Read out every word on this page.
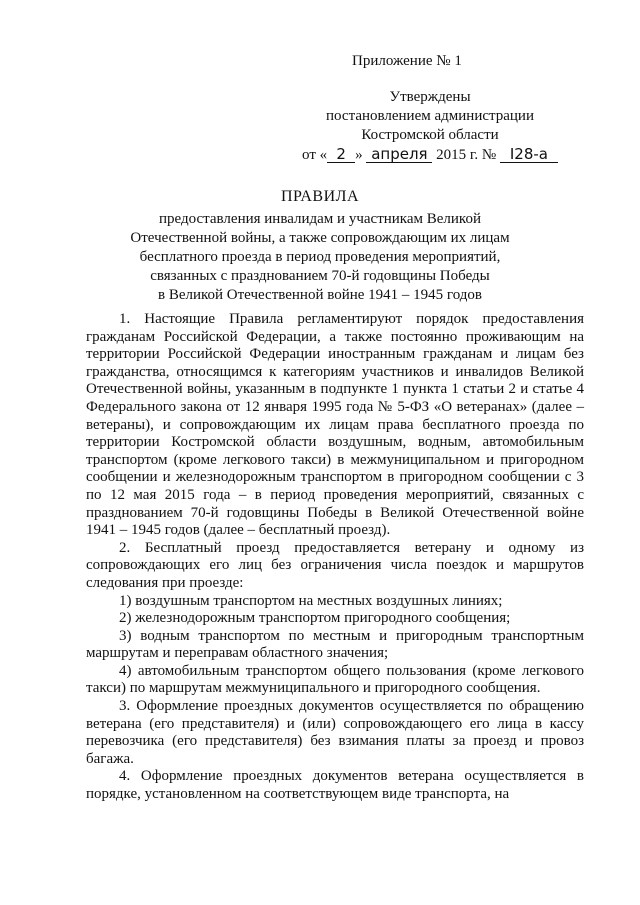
Приложение № 1
Утверждены
постановлением администрации
Костромской области
от « 2 » апреля 2015 г. № I28-а
ПРАВИЛА
предоставления инвалидам и участникам Великой
Отечественной войны, а также сопровождающим их лицам
бесплатного проезда в период проведения мероприятий,
связанных с празднованием 70-й годовщины Победы
в Великой Отечественной войне 1941 – 1945 годов

1. Настоящие Правила регламентируют порядок предоставления гражданам Российской Федерации, а также постоянно проживающим на территории Российской Федерации иностранным гражданам и лицам без гражданства, относящимся к категориям участников и инвалидов Великой Отечественной войны, указанным в подпункте 1 пункта 1 статьи 2 и статье 4 Федерального закона от 12 января 1995 года № 5-ФЗ «О ветеранах» (далее – ветераны), и сопровождающим их лицам права бесплатного проезда по территории Костромской области воздушным, водным, автомобильным транспортом (кроме легкового такси) в межмуниципальном и пригородном сообщении и железнодорожным транспортом в пригородном сообщении с 3 по 12 мая 2015 года – в период проведения мероприятий, связанных с празднованием 70-й годовщины Победы в Великой Отечественной войне 1941 – 1945 годов (далее – бесплатный проезд).

2. Бесплатный проезд предоставляется ветерану и одному из сопровождающих его лиц без ограничения числа поездок и маршрутов следования при проезде:

1) воздушным транспортом на местных воздушных линиях;

2) железнодорожным транспортом пригородного сообщения;

3) водным транспортом по местным и пригородным транспортным маршрутам и переправам областного значения;

4) автомобильным транспортом общего пользования (кроме легкового такси) по маршрутам межмуниципального и пригородного сообщения.

3. Оформление проездных документов осуществляется по обращению ветерана (его представителя) и (или) сопровождающего его лица в кассу перевозчика (его представителя) без взимания платы за проезд и провоз багажа.

4. Оформление проездных документов ветерана осуществляется в порядке, установленном на соответствующем виде транспорта, на
